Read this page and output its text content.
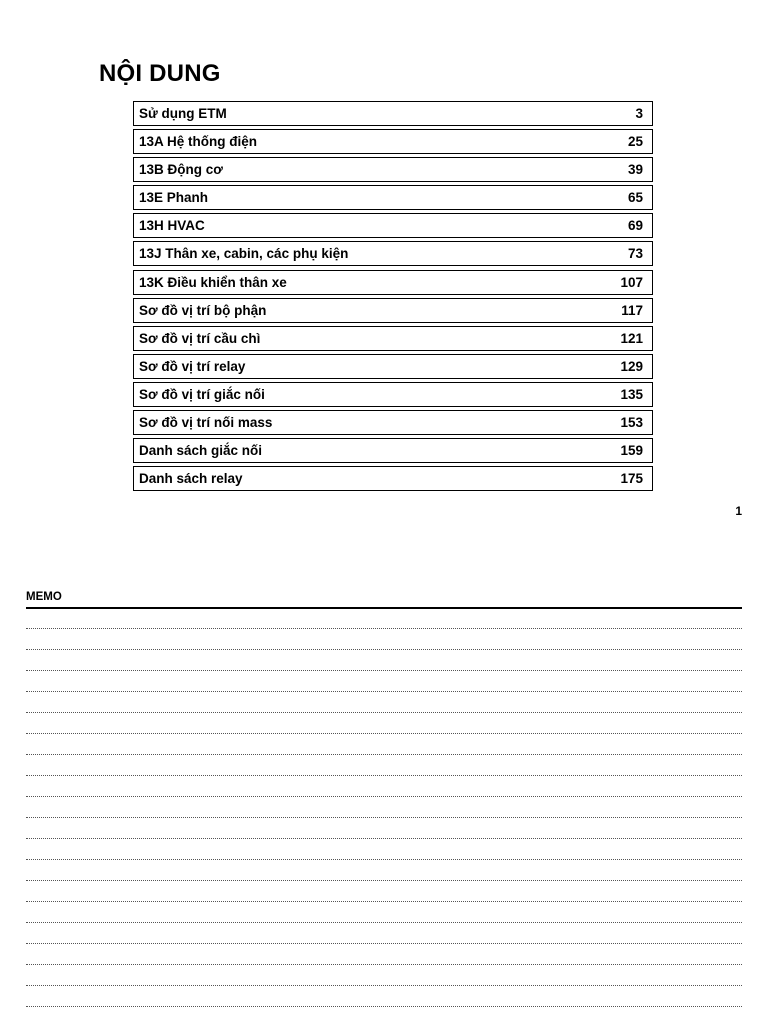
NỘI DUNG
Sử dụng ETM	3
13A Hệ thống điện	25
13B Động cơ	39
13E Phanh	65
13H HVAC	69
13J Thân xe, cabin, các phụ kiện	73
13K Điều khiển thân xe	107
Sơ đồ vị trí bộ phận	117
Sơ đồ vị trí cầu chì	121
Sơ đồ vị trí relay	129
Sơ đồ vị trí giắc nối	135
Sơ đồ vị trí nối mass	153
Danh sách giắc nối	159
Danh sách relay	175
1
MEMO
